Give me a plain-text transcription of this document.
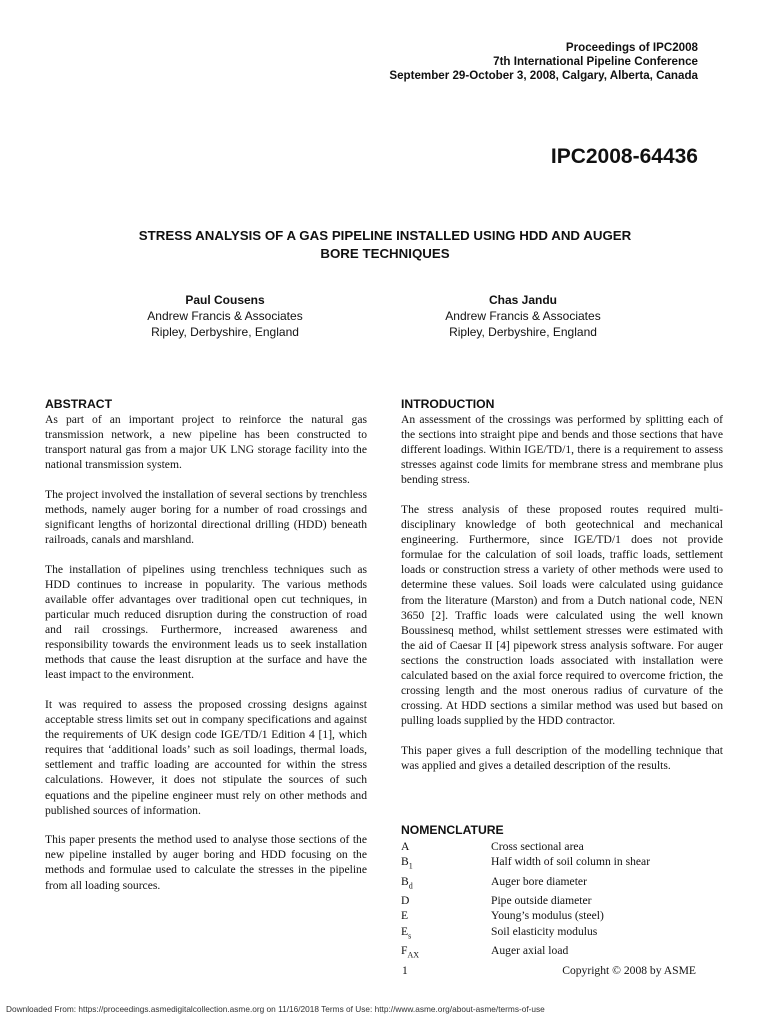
Proceedings of IPC2008
7th International Pipeline Conference
September 29-October 3, 2008, Calgary, Alberta, Canada
IPC2008-64436
STRESS ANALYSIS OF A GAS PIPELINE INSTALLED USING HDD AND AUGER
BORE TECHNIQUES
Paul Cousens
Andrew Francis & Associates
Ripley, Derbyshire, England
Chas Jandu
Andrew Francis & Associates
Ripley, Derbyshire, England
ABSTRACT

As part of an important project to reinforce the natural gas transmission network, a new pipeline has been constructed to transport natural gas from a major UK LNG storage facility into the national transmission system.

The project involved the installation of several sections by trenchless methods, namely auger boring for a number of road crossings and significant lengths of horizontal directional drilling (HDD) beneath railroads, canals and marshland.

The installation of pipelines using trenchless techniques such as HDD continues to increase in popularity. The various methods available offer advantages over traditional open cut techniques, in particular much reduced disruption during the construction of road and rail crossings. Furthermore, increased awareness and responsibility towards the environment leads us to seek installation methods that cause the least disruption at the surface and have the least impact to the environment.

It was required to assess the proposed crossing designs against acceptable stress limits set out in company specifications and against the requirements of UK design code IGE/TD/1 Edition 4 [1], which requires that ‘additional loads’ such as soil loadings, thermal loads, settlement and traffic loading are accounted for within the stress calculations. However, it does not stipulate the sources of such equations and the pipeline engineer must rely on other methods and published sources of information.

This paper presents the method used to analyse those sections of the new pipeline installed by auger boring and HDD focusing on the methods and formulae used to calculate the stresses in the pipeline from all loading sources.

INTRODUCTION

An assessment of the crossings was performed by splitting each of the sections into straight pipe and bends and those sections that have different loadings. Within IGE/TD/1, there is a requirement to assess stresses against code limits for membrane stress and membrane plus bending stress.

The stress analysis of these proposed routes required multi-disciplinary knowledge of both geotechnical and mechanical engineering. Furthermore, since IGE/TD/1 does not provide formulae for the calculation of soil loads, traffic loads, settlement loads or construction stress a variety of other methods were used to determine these values. Soil loads were calculated using guidance from the literature (Marston) and from a Dutch national code, NEN 3650 [2]. Traffic loads were calculated using the well known Boussinesq method, whilst settlement stresses were estimated with the aid of Caesar II [4] pipework stress analysis software. For auger sections the construction loads associated with installation were calculated based on the axial force required to overcome friction, the crossing length and the most onerous radius of curvature of the crossing. At HDD sections a similar method was used but based on pulling loads supplied by the HDD contractor.

This paper gives a full description of the modelling technique that was applied and gives a detailed description of the results.

NOMENCLATURE
A	Cross sectional area
$B_1$	Half width of soil column in shear
$B_d$	Auger bore diameter
D	Pipe outside diameter
E	Young’s modulus (steel)
$E_s$	Soil elasticity modulus
$F_{AX}$	Auger axial load
1	Copyright © 2008 by ASME
Downloaded From: https://proceedings.asmedigitalcollection.asme.org on 11/16/2018 Terms of Use: http://www.asme.org/about-asme/terms-of-use
